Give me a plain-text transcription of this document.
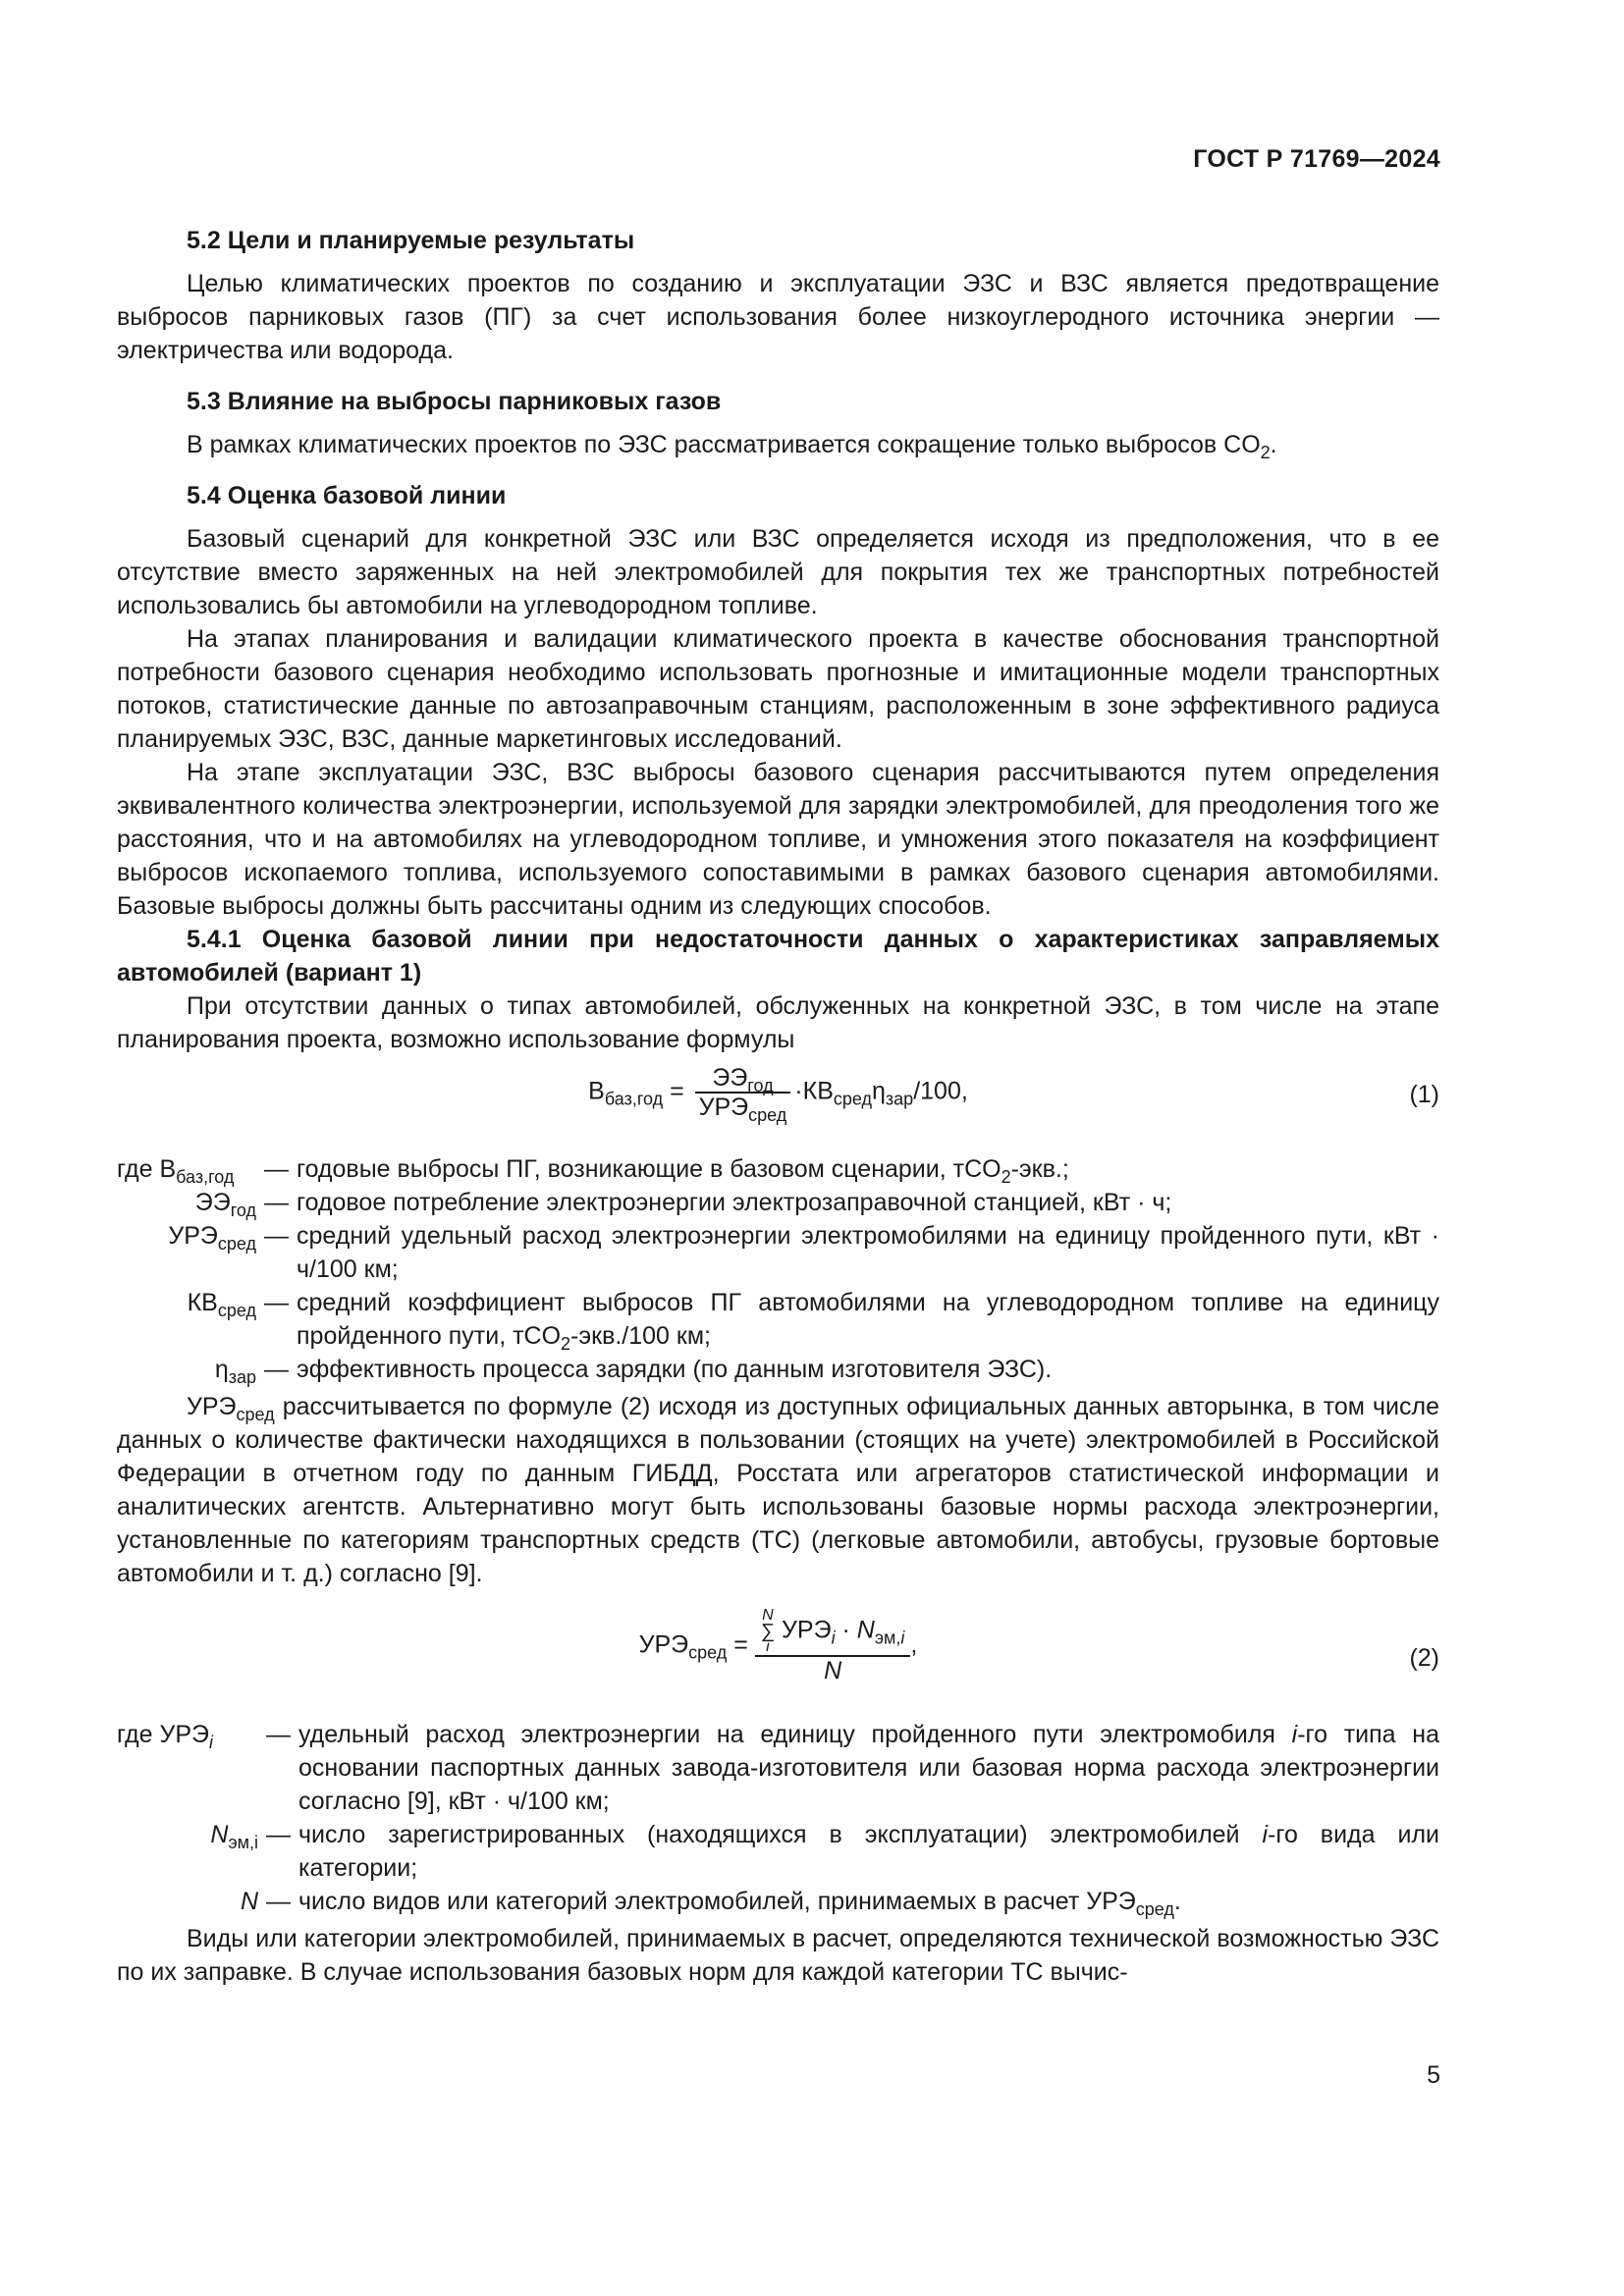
ГОСТ Р 71769—2024
5.2 Цели и планируемые результаты

Целью климатических проектов по созданию и эксплуатации ЭЗС и ВЗС является предотвращение выбросов парниковых газов (ПГ) за счет использования более низкоуглеродного источника энергии — электричества или водорода.

5.3 Влияние на выбросы парниковых газов

В рамках климатических проектов по ЭЗС рассматривается сокращение только выбросов $CO_2$.

5.4 Оценка базовой линии

Базовый сценарий для конкретной ЭЗС или ВЗС определяется исходя из предположения, что в ее отсутствие вместо заряженных на ней электромобилей для покрытия тех же транспортных потребностей использовались бы автомобили на углеводородном топливе.

На этапах планирования и валидации климатического проекта в качестве обоснования транспортной потребности базового сценария необходимо использовать прогнозные и имитационные модели транспортных потоков, статистические данные по автозаправочным станциям, расположенным в зоне эффективного радиуса планируемых ЭЗС, ВЗС, данные маркетинговых исследований.

На этапе эксплуатации ЭЗС, ВЗС выбросы базового сценария рассчитываются путем определения эквивалентного количества электроэнергии, используемой для зарядки электромобилей, для преодоления того же расстояния, что и на автомобилях на углеводородном топливе, и умножения этого показателя на коэффициент выбросов ископаемого топлива, используемого сопоставимыми в рамках базового сценария автомобилями. Базовые выбросы должны быть рассчитаны одним из следующих способов.

5.4.1 Оценка базовой линии при недостаточности данных о характеристиках заправляемых автомобилей (вариант 1)

При отсутствии данных о типах автомобилей, обслуженных на конкретной ЭЗС, в том числе на этапе планирования проекта, возможно использование формулы

$В_{баз,год} = \frac{ЭЭ_{год}}{УРЭ_{сред}} \cdot КВ_{сред}\eta_{зар}/100$,	(1)
где $В_{баз,год}$	— годовые выбросы ПГ, возникающие в базовом сценарии, тCO$_2$-экв.;
$ЭЭ_{год}$ — годовое потребление электроэнергии электрозаправочной станцией, кВт · ч;
$УРЭ_{сред}$ — средний удельный расход электроэнергии электромобилями на единицу пройденного пути, кВт · ч/100 км;
$КВ_{сред}$ — средний коэффициент выбросов ПГ автомобилями на углеводородном топливе на единицу пройденного пути, тCO$_2$-экв./100 км;
$\eta_{зар}$ — эффективность процесса зарядки (по данным изготовителя ЭЗС).

$УРЭ_{сред}$ рассчитывается по формуле (2) исходя из доступных официальных данных авторынка, в том числе данных о количестве фактически находящихся в пользовании (стоящих на учете) электромобилей в Российской Федерации в отчетном году по данным ГИБДД, Росстата или агрегаторов статистической информации и аналитических агентств. Альтернативно могут быть использованы базовые нормы расхода электроэнергии, установленные по категориям транспортных средств (ТС) (легковые автомобили, автобусы, грузовые бортовые автомобили и т. д.) согласно [9].

$УРЭ_{сред}$ =
N
∑
i
$УРЭ_i \cdot N_{эм,i}$
N
,	(2)
где $УРЭ_i$	— удельный расход электроэнергии на единицу пройденного пути электромобиля i-го типа на основании паспортных данных завода-изготовителя или базовая норма расхода электроэнергии согласно [9], кВт · ч/100 км;
$N_{эм,i}$ — число зарегистрированных (находящихся в эксплуатации) электромобилей i-го вида или категории;
N — число видов или категорий электромобилей, принимаемых в расчет $УРЭ_{сред}$.

Виды или категории электромобилей, принимаемых в расчет, определяются технической возможностью ЭЗС по их заправке. В случае использования базовых норм для каждой категории ТС вычис-

5
